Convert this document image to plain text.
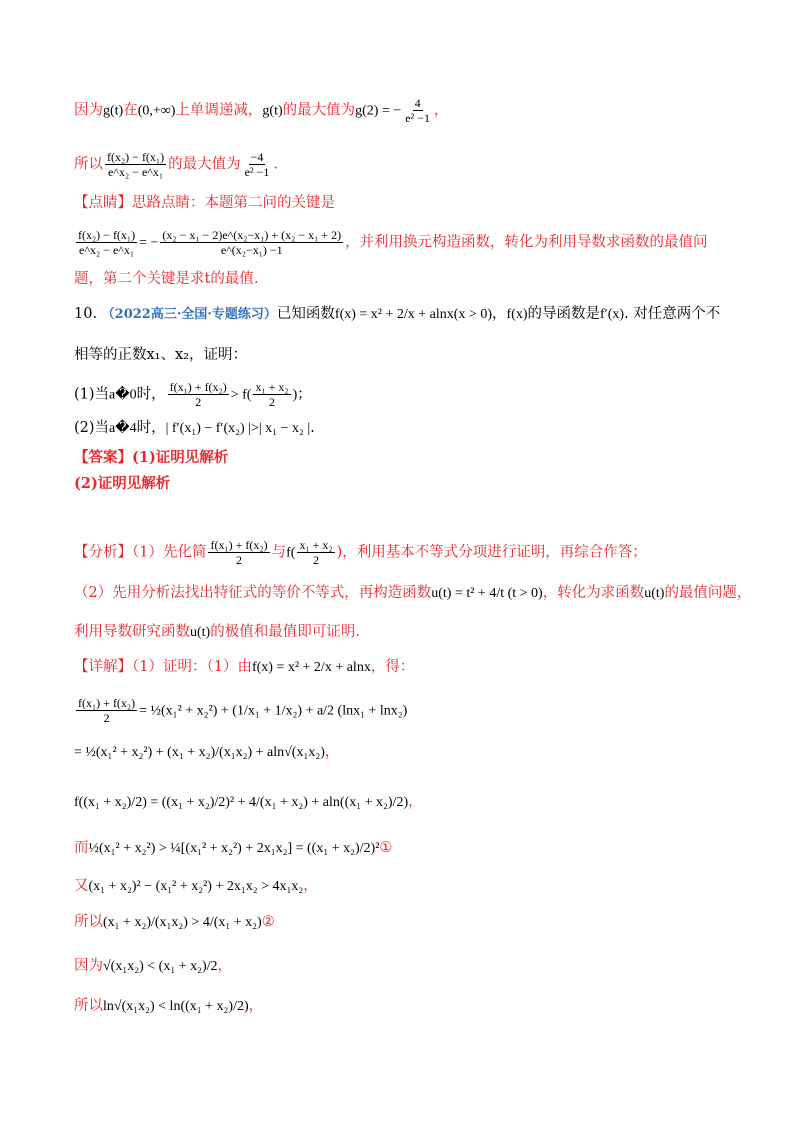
因为g(t)在(0,+∞)上单调递减，g(t)的最大值为g(2) = − $\frac{4}{\text{e² −1}}$ ，
所以 $\frac{\text{f(x₂) − f(x₁)}}{\text{e\textasciicircum{}x₂ − e\textasciicircum{}x₁}}$ 的最大值为 $\frac{-4}{\text{e² −1}}$ .
【点睛】思路点睛：本题第二问的关键是
$\frac{\text{f(x₂) − f(x₁)}}{\text{e\textasciicircum{}x₂ − e\textasciicircum{}x₁}}$ = − $\frac{\text{(x₂ − x₁ − 2)e\textasciicircum{}(x₂−x₁) + (x₂ − x₁ + 2)}}{\text{e\textasciicircum{}(x₂−x₁) −1}}$ ，并利用换元构造函数，转化为利用导数求函数的最值问
题，第二个关键是求t的最值.
10. （2022高三·全国·专题练习）已知函数f(x) = x² + 2/x + alnx(x > 0)，f(x)的导函数是f′(x). 对任意两个不
相等的正数x₁、x₂，证明：
(1)当a�0时， $\frac{\text{f(x₁) + f(x₂)}}{2} > f( \frac{\text{x₁ + x₂}}{2}$ )；
(2)当a�4时，| f′(x₁) − f′(x₂) |>| x₁ − x₂ |.
【答案】(1)证明见解析
(2)证明见解析
【分析】（1）先化简 $\frac{\text{f(x₁) + f(x₂)}}{2}$ 与$f( \frac{\text{x₁ + x₂}}{2}$ )，利用基本不等式分项进行证明，再综合作答；
（2）先用分析法找出特征式的等价不等式，再构造函数u(t) = t² + 4/t (t > 0)，转化为求函数u(t)的最值问题，
利用导数研究函数u(t)的极值和最值即可证明.
【详解】（1）证明：（1）由f(x) = x² + 2/x + alnx，得：
$\frac{\text{f(x₁) + f(x₂)}}{2}$ = ½(x₁² + x₂²) + (1/x₁ + 1/x₂) + a/2 (lnx₁ + lnx₂)
= ½(x₁² + x₂²) + (x₁ + x₂)/(x₁x₂) + aln√(x₁x₂)，
f((x₁ + x₂)/2) = ((x₁ + x₂)/2)² + 4/(x₁ + x₂) + aln((x₁ + x₂)/2)，
而½(x₁² + x₂²) > ¼[(x₁² + x₂²) + 2x₁x₂] = ((x₁ + x₂)/2)²①
又(x₁ + x₂)² − (x₁² + x₂²) + 2x₁x₂ > 4x₁x₂，
所以(x₁ + x₂)/(x₁x₂) > 4/(x₁ + x₂)②
因为√(x₁x₂) < (x₁ + x₂)/2，
所以ln√(x₁x₂) < ln((x₁ + x₂)/2)，
